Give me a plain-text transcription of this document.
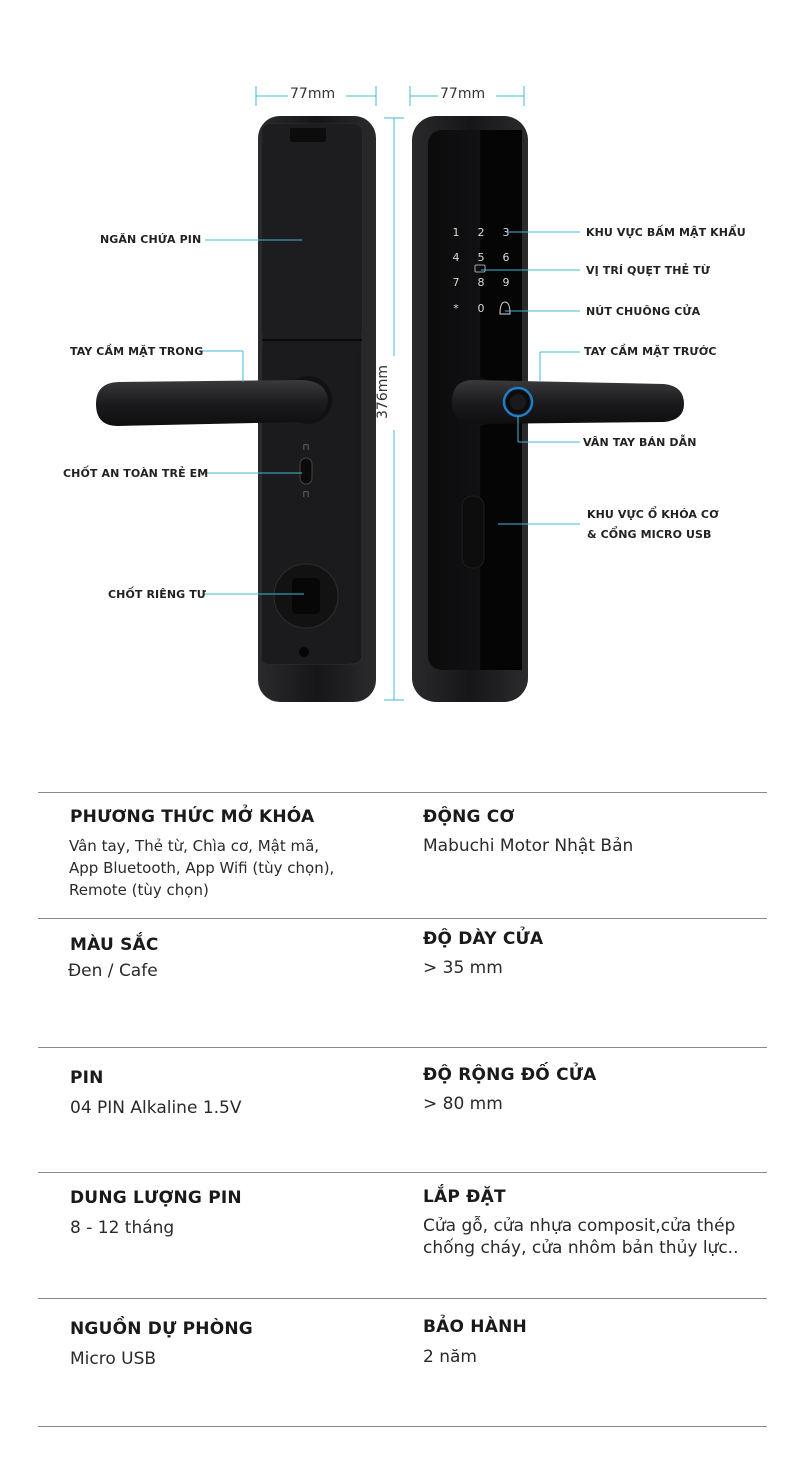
⊓
⊓
1 2 3
4 5 6
7 8 9
* 0
77mm	77mm
376mm
NGĂN CHỨA PIN
TAY CẦM MẶT TRONG
CHỐT AN TOÀN TRẺ EM
CHỐT RIÊNG TƯ
KHU VỰC BẤM MẬT KHẨU
VỊ TRÍ QUẸT THẺ TỪ
NÚT CHUÔNG CỬA
TAY CẦM MẶT TRƯỚC
VÂN TAY BÁN DẪN
KHU VỰC Ổ KHÓA CƠ
& CỔNG MICRO USB
PHƯƠNG THỨC MỞ KHÓA
Vân tay, Thẻ từ, Chìa cơ, Mật mã,
App Bluetooth, App Wifi (tùy chọn),
Remote (tùy chọn)
ĐỘNG CƠ
Mabuchi Motor Nhật Bản
MÀU SẮC
Đen / Cafe
ĐỘ DÀY CỬA
> 35 mm
PIN
04 PIN Alkaline 1.5V
ĐỘ RỘNG ĐỐ CỬA
> 80 mm
DUNG LƯỢNG PIN
8 - 12 tháng
LẮP ĐẶT
Cửa gỗ, cửa nhựa composit,cửa thép
chống cháy, cửa nhôm bản thủy lực..
NGUỒN DỰ PHÒNG
Micro USB
BẢO HÀNH
2 năm
